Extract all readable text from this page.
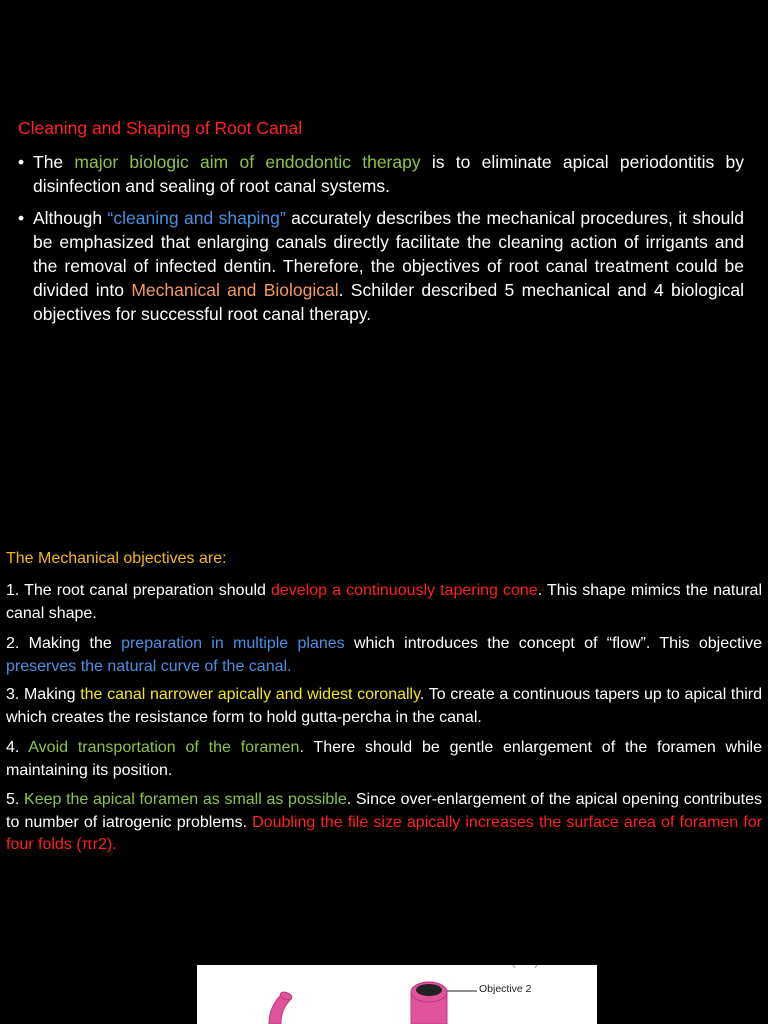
Cleaning and Shaping of Root Canal
• The major biologic aim of endodontic therapy is to eliminate apical periodontitis by disinfection and sealing of root canal systems.
• Although “cleaning and shaping” accurately describes the mechanical procedures, it should be emphasized that enlarging canals directly facilitate the cleaning action of irrigants and the removal of infected dentin. Therefore, the objectives of root canal treatment could be divided into Mechanical and Biological. Schilder described 5 mechanical and 4 biological objectives for successful root canal therapy.
The Mechanical objectives are:
1. The root canal preparation should develop a continuously tapering cone. This shape mimics the natural canal shape.
2. Making the preparation in multiple planes which introduces the concept of “flow”. This objective preserves the natural curve of the canal.
3. Making the canal narrower apically and widest coronally. To create a continuous tapers up to apical third which creates the resistance form to hold gutta-percha in the canal.
4. Avoid transportation of the foramen. There should be gentle enlargement of the foramen while maintaining its position.
5. Keep the apical foramen as small as possible. Since over-enlargement of the apical opening contributes to number of iatrogenic problems. Doubling the file size apically increases the surface area of foramen for four folds (πr2).
Objective 2
